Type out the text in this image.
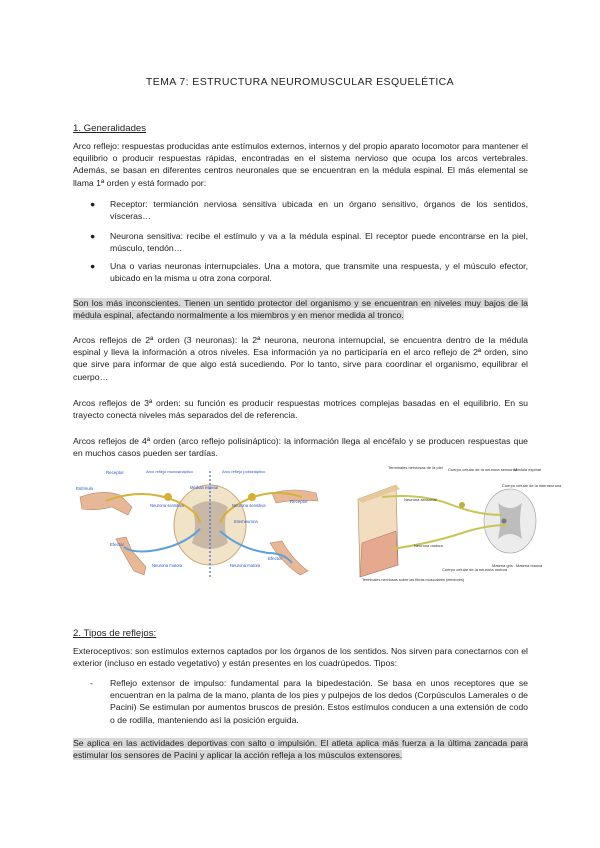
TEMA 7: ESTRUCTURA NEUROMUSCULAR ESQUELÉTICA
1. Generalidades
Arco reflejo: respuestas producidas ante estímulos externos, internos y del propio aparato locomotor para mantener el equilibrio o producir respuestas rápidas, encontradas en el sistema nervioso que ocupa los arcos vertebrales. Además, se basan en diferentes centros neuronales que se encuentran en la médula espinal. El más elemental se llama 1ª orden y está formado por:
● Receptor: termianción nerviosa sensitiva ubicada en un órgano sensitivo, órganos de los sentidos, vísceras…
● Neurona sensitiva: recibe el estímulo y va a la médula espinal. El receptor puede encontrarse en la piel, músculo, tendón…
● Una o varias neuronas internupciales. Una a motora, que transmite una respuesta, y el músculo efector, ubicado en la misma u otra zona corporal.
Son los más inconscientes. Tienen un sentido protector del organismo y se encuentran en niveles muy bajos de la médula espinal, afectando normalmente a los miembros y en menor medida al tronco.
Arcos reflejos de 2ª orden (3 neuronas): la 2ª neurona, neurona internupcial, se encuentra dentro de la médula espinal y lleva la información a otros niveles. Esa información ya no participaría en el arco reflejo de 2ª orden, sino que sirve para informar de que algo está sucediendo. Por lo tanto, sirve para coordinar el organismo, equilibrar el cuerpo…
Arcos reflejos de 3ª orden: su función es producir respuestas motrices complejas basadas en el equilibrio. En su trayecto conecta niveles más separados del de referencia.
Arcos reflejos de 4ª orden (arco reflejo polisináptico): la información llega al encéfalo y se producen respuestas que en muchos casos pueden ser tardías.
Receptor
Estímulo
Arco reflejo monosináptico	Arco reflejo polisináptico
Médula espinal
Neurona sensitiva	Neurona sensitiva
Interneurona
Receptor
Efector
Efector
Neurona motora	Neurona motora
Terminales nerviosas de la piel Cuerpo celular de la neurona sensorial
Médula espinal
Neurona sensorial
Cuerpo celular de la interneurona
Neurona motora
Terminales nerviosas sobre las fibras musculares (efectores)
Cuerpo celular de la neurona motora
Materia gris Materia blanca
2. Tipos de reflejos:
Exteroceptivos: son estímulos externos captados por los órganos de los sentidos. Nos sirven para conectarnos con el exterior (incluso en estado vegetativo) y están presentes en los cuadrúpedos. Tipos:
- Reflejo extensor de impulso: fundamental para la bipedestación. Se basa en unos receptores que se encuentran en la palma de la mano, planta de los pies y pulpejos de los dedos (Corpúsculos Lamerales o de Pacini) Se estimulan por aumentos bruscos de presión. Estos estímulos conducen a una extensión de codo o de rodilla, manteniendo así la posición erguida.
Se aplica en las actividades deportivas con salto o impulsión. El atleta aplica más fuerza a la última zancada para estimular los sensores de Pacini y aplicar la acción refleja a los músculos extensores.
